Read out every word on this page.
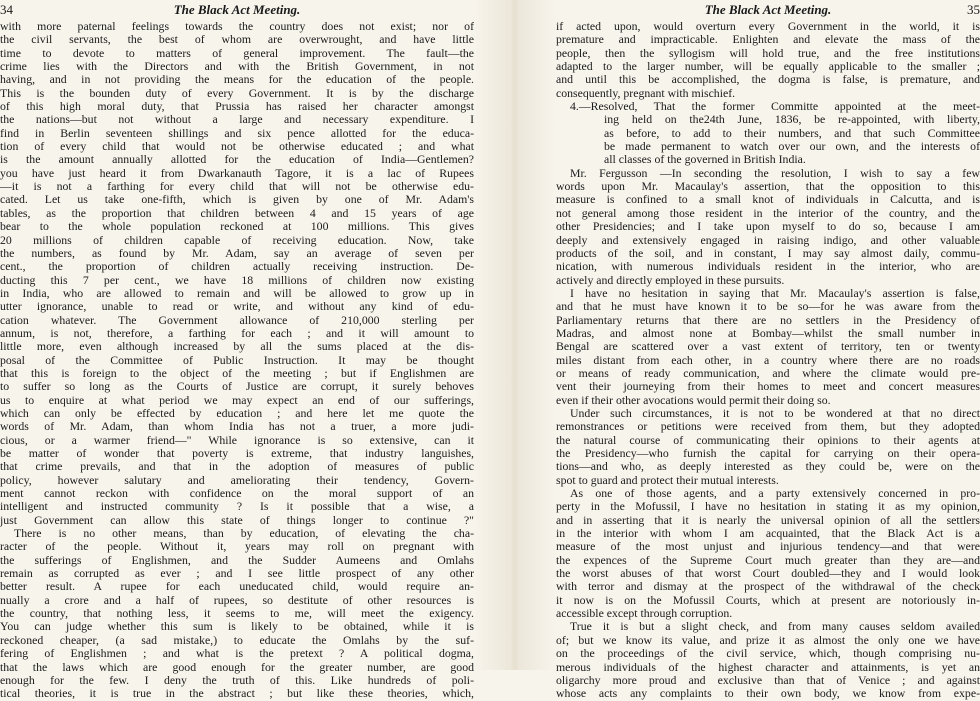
34	The Black Act Meeting.
with more paternal feelings towards the country does not exist; nor of
the civil servants, the best of whom are overwrought, and have little
time to devote to matters of general improvement. The fault—the
crime lies with the Directors and with the British Government, in not
having, and in not providing the means for the education of the people.
This is the bounden duty of every Government. It is by the discharge
of this high moral duty, that Prussia has raised her character amongst
the nations—but not without a large and necessary expenditure. I
find in Berlin seventeen shillings and six pence allotted for the educa-
tion of every child that would not be otherwise educated ; and what
is the amount annually allotted for the education of India—Gentlemen?
you have just heard it from Dwarkanauth Tagore, it is a lac of Rupees
—it is not a farthing for every child that will not be otherwise edu-
cated. Let us take one-fifth, which is given by one of Mr. Adam's
tables, as the proportion that children between 4 and 15 years of age
bear to the whole population reckoned at 100 millions. This gives
20 millions of children capable of receiving education. Now, take
the numbers, as found by Mr. Adam, say an average of seven per
cent., the proportion of children actually receiving instruction. De-
ducting this 7 per cent., we have 18 millions of children now existing
in India, who are allowed to remain and will be allowed to grow up in
utter ignorance, unable to read or write, and without any kind of edu-
cation whatever. The Government allowance of 210,000 sterling per
annum, is not, therefore, a farthing for each ; and it will amount to
little more, even although increased by all the sums placed at the dis-
posal of the Committee of Public Instruction. It may be thought
that this is foreign to the object of the meeting ; but if Englishmen are
to suffer so long as the Courts of Justice are corrupt, it surely behoves
us to enquire at what period we may expect an end of our sufferings,
which can only be effected by education ; and here let me quote the
words of Mr. Adam, than whom India has not a truer, a more judi-
cious, or a warmer friend—" While ignorance is so extensive, can it
be matter of wonder that poverty is extreme, that industry languishes,
that crime prevails, and that in the adoption of measures of public
policy, however salutary and ameliorating their tendency, Govern-
ment cannot reckon with confidence on the moral support of an
intelligent and instructed community ? Is it possible that a wise, a
just Government can allow this state of things longer to continue ?"
There is no other means, than by education, of elevating the cha-
racter of the people. Without it, years may roll on pregnant with
the sufferings of Englishmen, and the Sudder Aumeens and Omlahs
remain as corrupted as ever ; and I see little prospect of any other
better result. A rupee for each uneducated child, would require an-
nually a crore and a half of rupees, so destitute of other resources is
the country, that nothing less, it seems to me, will meet the exigency.
You can judge whether this sum is likely to be obtained, while it is
reckoned cheaper, (a sad mistake,) to educate the Omlahs by the suf-
fering of Englishmen ; and what is the pretext ? A political dogma,
that the laws which are good enough for the greater number, are good
enough for the few. I deny the truth of this. Like hundreds of poli-
tical theories, it is true in the abstract ; but like these theories, which,
The Black Act Meeting.	35
if acted upon, would overturn every Government in the world, it is
premature and impracticable. Enlighten and elevate the mass of the
people, then the syllogism will hold true, and the free institutions
adapted to the larger number, will be equally applicable to the smaller ;
and until this be accomplished, the dogma is false, is premature, and
consequently, pregnant with mischief.
4.—Resolved, That the former Committe appointed at the meet-
ing held on the24th June, 1836, be re-appointed, with liberty,
as before, to add to their numbers, and that such Committee
be made permanent to watch over our own, and the interests of
all classes of the governed in British India.
Mr. Fergusson —In seconding the resolution, I wish to say a few
words upon Mr. Macaulay's assertion, that the opposition to this
measure is confined to a small knot of individuals in Calcutta, and is
not general among those resident in the interior of the country, and the
other Presidencies; and I take upon myself to do so, because I am
deeply and extensively engaged in raising indigo, and other valuable
products of the soil, and in constant, I may say almost daily, commu-
nication, with numerous individuals resident in the interior, who are
actively and directly employed in these pursuits.
I have no hesitation in saying that Mr. Macaulay's assertion is false,
and that he must have known it to be so—for he was aware from the
Parliamentary returns that there are no settlers in the Presidency of
Madras, and almost none at Bombay—whilst the small number in
Bengal are scattered over a vast extent of territory, ten or twenty
miles distant from each other, in a country where there are no roads
or means of ready communication, and where the climate would pre-
vent their journeying from their homes to meet and concert measures
even if their other avocations would permit their doing so.
Under such circumstances, it is not to be wondered at that no direct
remonstrances or petitions were received from them, but they adopted
the natural course of communicating their opinions to their agents at
the Presidency—who furnish the capital for carrying on their opera-
tions—and who, as deeply interested as they could be, were on the
spot to guard and protect their mutual interests.
As one of those agents, and a party extensively concerned in pro-
perty in the Mofussil, I have no hesitation in stating it as my opinion,
and in asserting that it is nearly the universal opinion of all the settlers
in the interior with whom I am acquainted, that the Black Act is a
measure of the most unjust and injurious tendency—and that were
the expences of the Supreme Court much greater than they are—and
the worst abuses of that worst Court doubled—they and I would look
with terror and dismay at the prospect of the withdrawal of the check
it now is on the Mofussil Courts, which at present are notoriously in-
accessible except through corruption.
True it is but a slight check, and from many causes seldom availed
of; but we know its value, and prize it as almost the only one we have
on the proceedings of the civil service, which, though comprising nu-
merous individuals of the highest character and attainments, is yet an
oligarchy more proud and exclusive than that of Venice ; and against
whose acts any complaints to their own body, we know from expe-
